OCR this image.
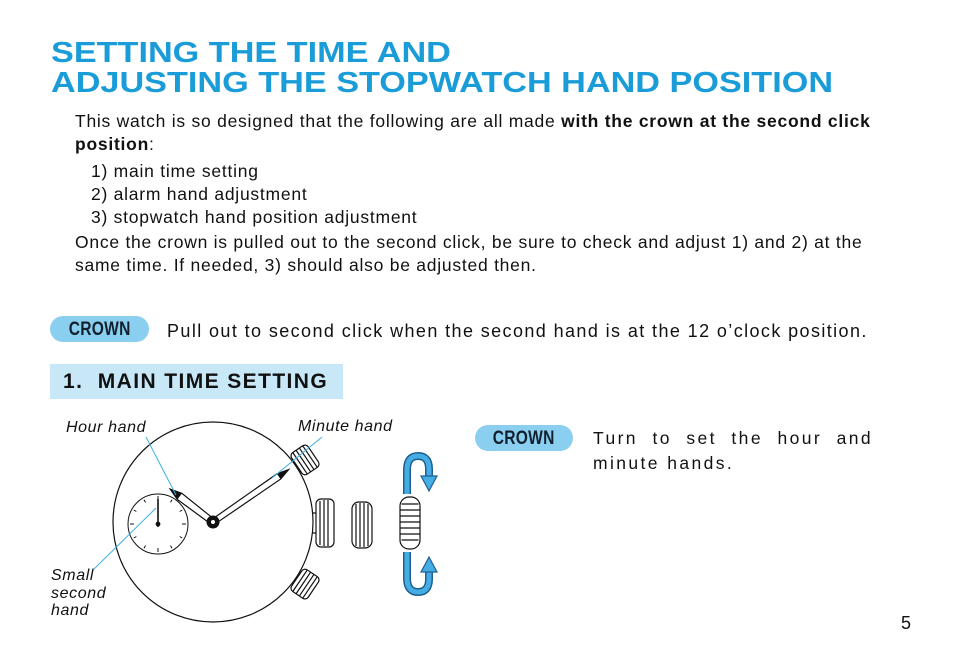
SETTING THE TIME AND
ADJUSTING THE STOPWATCH HAND POSITION

This watch is so designed that the following are all made with the crown at the second click position:

1) main time setting
2) alarm hand adjustment
3) stopwatch hand position adjustment

Once the crown is pulled out to the second click, be sure to check and adjust 1) and 2) at the same time. If needed, 3) should also be adjusted then.

CROWN Pull out to second click when the second hand is at the 12 o’clock position.

1.  MAIN TIME SETTING
Hour hand	Minute hand
Small
second
hand
CROWN Turn to set the hour and minute hands.

5
